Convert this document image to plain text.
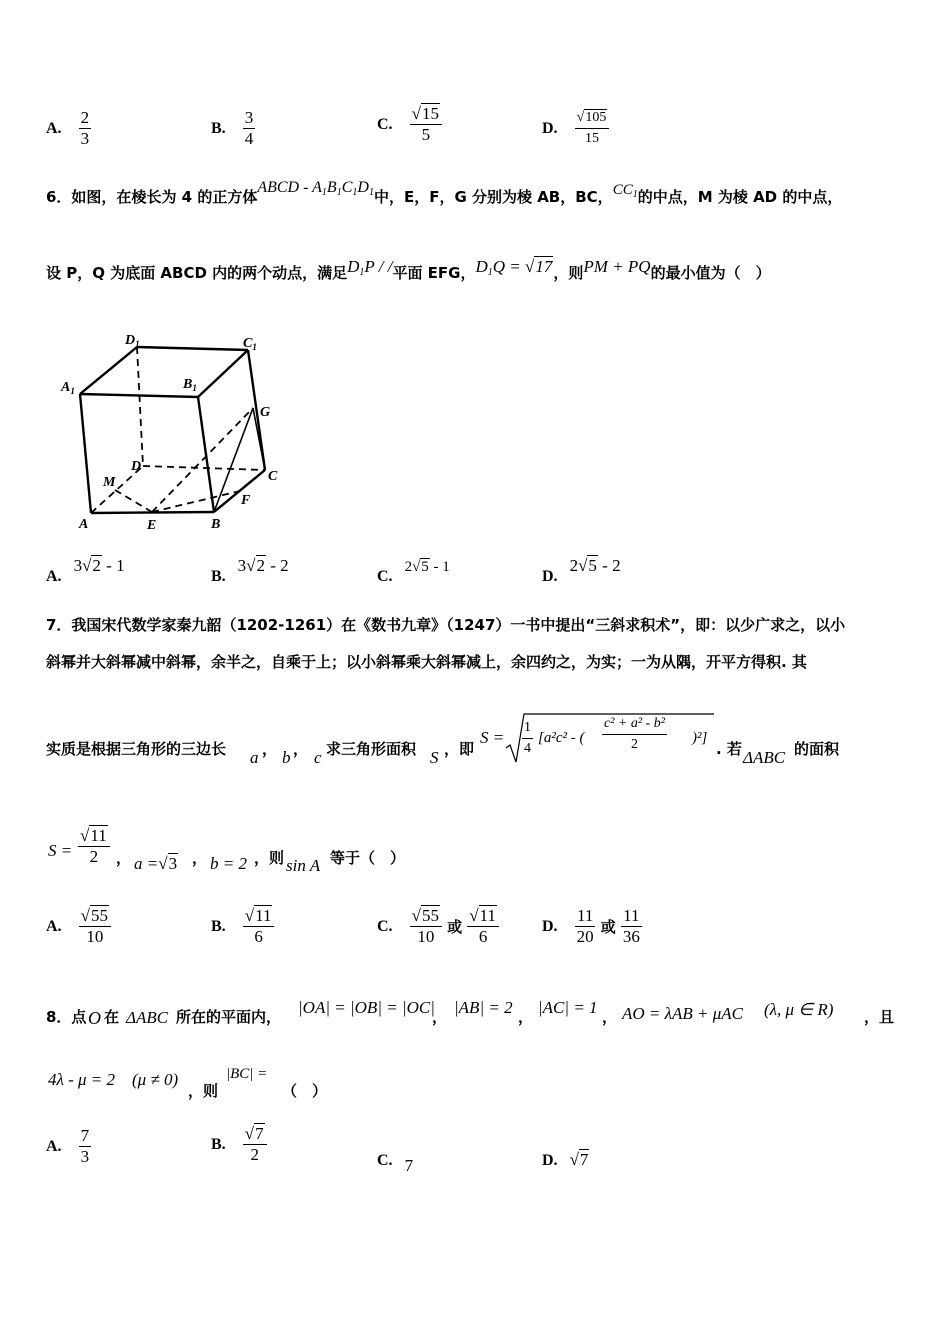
A. $\frac{2}{3}$	B. $\frac{3}{4}$	C. $\frac{√15}{5}$	D. $\frac{√105}{15}$
6．如图，在棱长为 4 的正方体ABCD - $A_1B_1C_1D_1$中，E，F，G 分别为棱 AB，BC，$CC_1$的中点，M 为棱 AD 的中点，
设 P，Q 为底面 ABCD 内的两个动点，满足$D_1P$ / /平面 EFG，$D_1Q = √17$，则PM + PQ的最小值为（　）
$D_1$	$C_1$
$A_1$	$B_1$
G
M
D
C
F
A	E	B
A.3√2 - 1
B.3√2 - 2
C.2√5 - 1
D.2√5 - 2
7．我国宋代数学家秦九韶（1202-1261）在《数书九章》（1247）一书中提出“三斜求积术”，即：以少广求之，以小
斜幂并大斜幂减中斜幂，余半之，自乘于上；以小斜幂乘大斜幂减上，余四约之，为实；一为从隅，开平方得积. 其
实质是根据三角形的三边长 a ， b ， c 求三角形面积 S ，即
$S = \frac{1}{4} [a^2c^2$ - ( $\frac{\text{c² + a² - b²}}{2} )^2$]
. 若 ΔABC 的面积
$S = \frac{√11}{2}$ ， a =√3 ， b = 2 ，则 sin A 等于（　）
A. $\frac{√55}{10}$	B. $\frac{√11}{6}$	C. $\frac{√55}{10}$ 或 $\frac{√11}{6}$	D. $\frac{11}{20}$ 或 $\frac{11}{36}$
8．点 O 在 ΔABC 所在的平面内， |OA| = |OB| = |OC|
， |AB| = 2 ， |AC| = 1 ， AO = λAB + μAC (λ, μ ∈ R) ，且
4λ - μ = 2 (μ ≠ 0)
，则
|BC| =
（　）
A. $\frac{7}{3}$	B. $\frac{√7}{2}$	C. 7	D. √7
